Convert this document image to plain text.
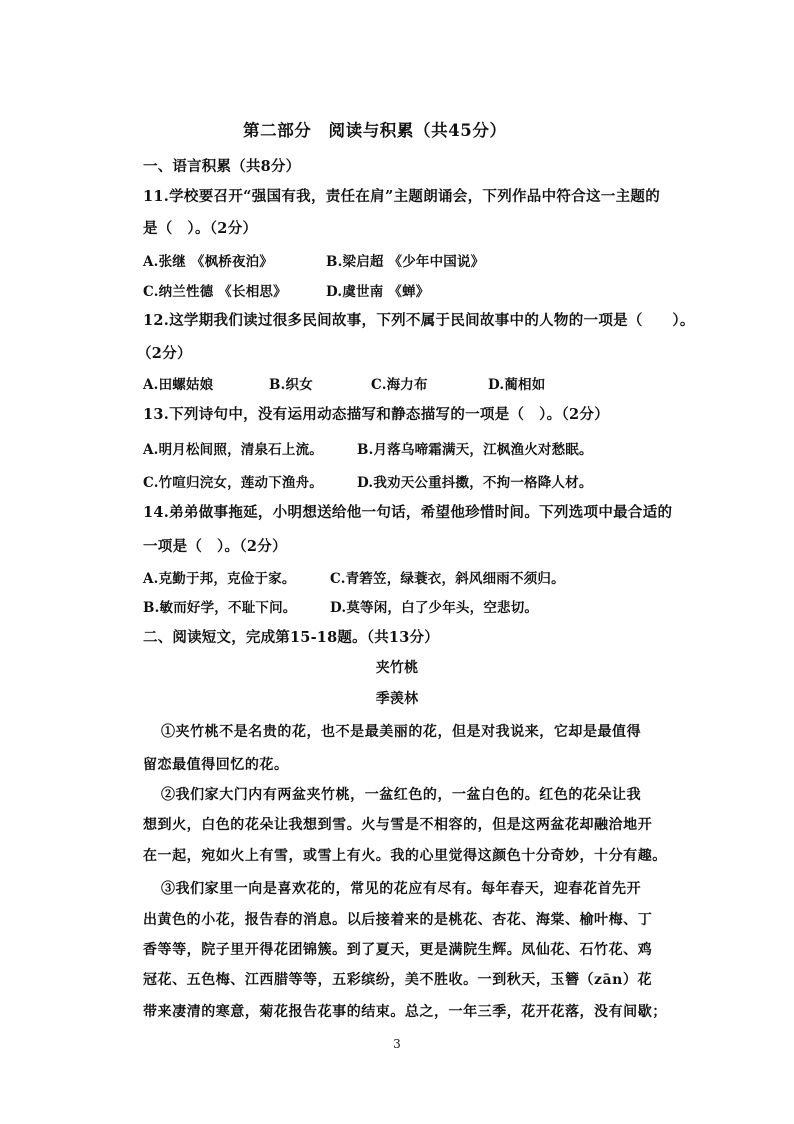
第二部分　阅读与积累（共45分）
一、语言积累（共8分）
11.学校要召开“强国有我，责任在肩”主题朗诵会，下列作品中符合这一主题的
是（　）。（2分）
A.张继 《枫桥夜泊》	B.梁启超 《少年中国说》
C.纳兰性德 《长相思》	D.虞世南 《蝉》
12.这学期我们读过很多民间故事，下列不属于民间故事中的人物的一项是（　　）。
（2分）
A.田螺姑娘	B.织女	C.海力布	D.蔺相如
13.下列诗句中，没有运用动态描写和静态描写的一项是（　）。（2分）
A.明月松间照，清泉石上流。	B.月落乌啼霜满天，江枫渔火对愁眠。
C.竹喧归浣女，莲动下渔舟。	D.我劝天公重抖擞，不拘一格降人材。
14.弟弟做事拖延，小明想送给他一句话，希望他珍惜时间。下列选项中最合适的
一项是（　）。（2分）
A.克勤于邦，克俭于家。	C.青箬笠，绿蓑衣，斜风细雨不须归。
B.敏而好学，不耻下问。 D.莫等闲，白了少年头，空悲切。
二、阅读短文，完成第15-18题。（共13分）
夹竹桃
季羡林
①夹竹桃不是名贵的花，也不是最美丽的花，但是对我说来，它却是最值得
留恋最值得回忆的花。
②我们家大门内有两盆夹竹桃，一盆红色的，一盆白色的。红色的花朵让我
想到火，白色的花朵让我想到雪。火与雪是不相容的，但是这两盆花却融洽地开
在一起，宛如火上有雪，或雪上有火。我的心里觉得这颜色十分奇妙，十分有趣。
③我们家里一向是喜欢花的，常见的花应有尽有。每年春天，迎春花首先开
出黄色的小花，报告春的消息。以后接着来的是桃花、杏花、海棠、榆叶梅、丁
香等等，院子里开得花团锦簇。到了夏天，更是满院生辉。凤仙花、石竹花、鸡
冠花、五色梅、江西腊等等，五彩缤纷，美不胜收。一到秋天，玉簪（zān）花
带来凄清的寒意，菊花报告花事的结束。总之，一年三季，花开花落，没有间歇；
3
